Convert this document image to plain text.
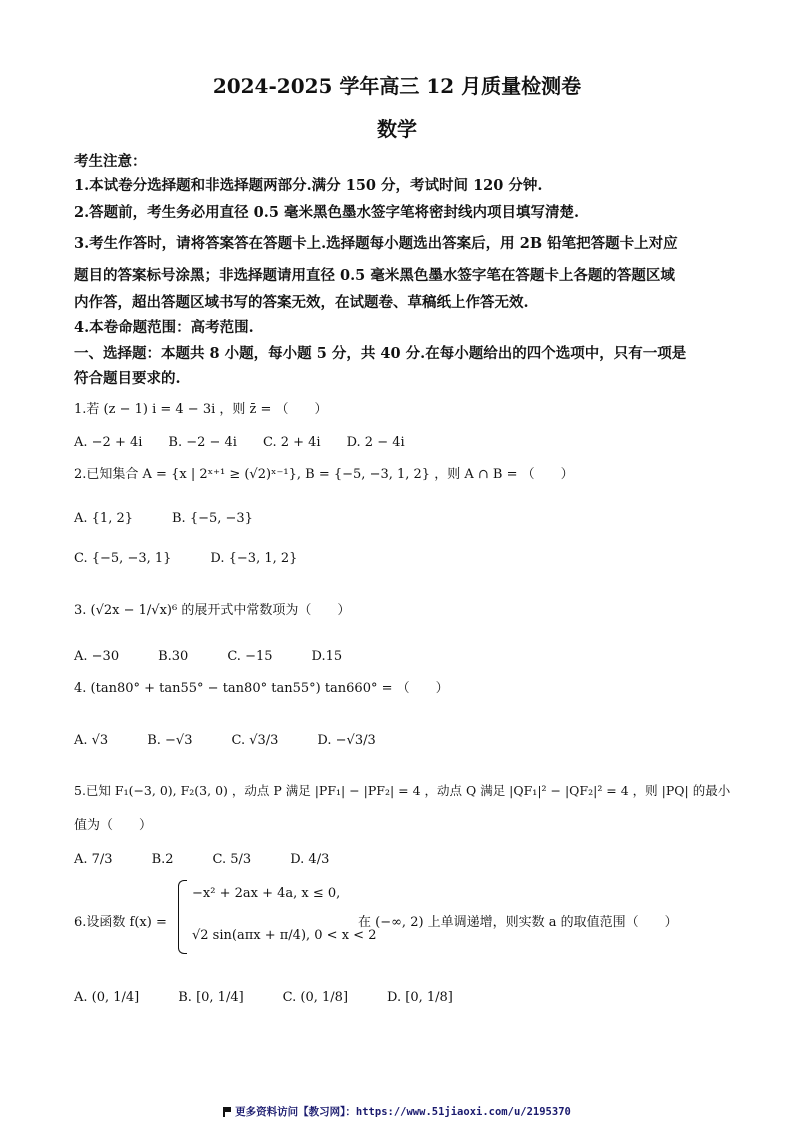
2024-2025 学年高三 12 月质量检测卷
数学
考生注意：
1.本试卷分选择题和非选择题两部分.满分 150 分，考试时间 120 分钟.
2.答题前，考生务必用直径 0.5 毫米黑色墨水签字笔将密封线内项目填写清楚.
3.考生作答时，请将答案答在答题卡上.选择题每小题选出答案后，用 2B 铅笔把答题卡上对应
题目的答案标号涂黑；非选择题请用直径 0.5 毫米黑色墨水签字笔在答题卡上各题的答题区域
内作答，超出答题区域书写的答案无效，在试题卷、草稿纸上作答无效.
4.本卷命题范围：高考范围.
一、选择题：本题共 8 小题，每小题 5 分，共 40 分.在每小题给出的四个选项中，只有一项是
符合题目要求的.
1.若 (z − 1) i = 4 − 3i ，则 z̄ = （　　）
A. −2 + 4i　　B. −2 − 4i　　C. 2 + 4i　　D. 2 − 4i
2.已知集合 A = {x | 2ˣ⁺¹ ≥ (√2)ˣ⁻¹}, B = {−5, −3, 1, 2} ，则 A ∩ B = （　　）
A. {1, 2}　　　B. {−5, −3}
C. {−5, −3, 1}　　　D. {−3, 1, 2}
3. (√2x − 1/√x)⁶ 的展开式中常数项为（　　）
A. −30　　　B.30　　　C. −15　　　D.15
4. (tan80° + tan55° − tan80° tan55°) tan660° = （　　）
A. √3　　　B. −√3　　　C. √3/3　　　D. −√3/3
5.已知 F₁(−3, 0), F₂(3, 0) ，动点 P 满足 |PF₁| − |PF₂| = 4 ，动点 Q 满足 |QF₁|² − |QF₂|² = 4 ，则 |PQ| 的最小
值为（　　）
A. 7/3　　　B.2　　　C. 5/3　　　D. 4/3
6.设函数 f(x) =
−x² + 2ax + 4a, x ≤ 0,
√2 sin(aπx + π/4), 0 < x < 2
在 (−∞, 2) 上单调递增，则实数 a 的取值范围（　　）
A. (0, 1/4]　　　B. [0, 1/4]　　　C. (0, 1/8]　　　D. [0, 1/8]
更多资料访问【教习网】：https://www.51jiaoxi.com/u/2195370
